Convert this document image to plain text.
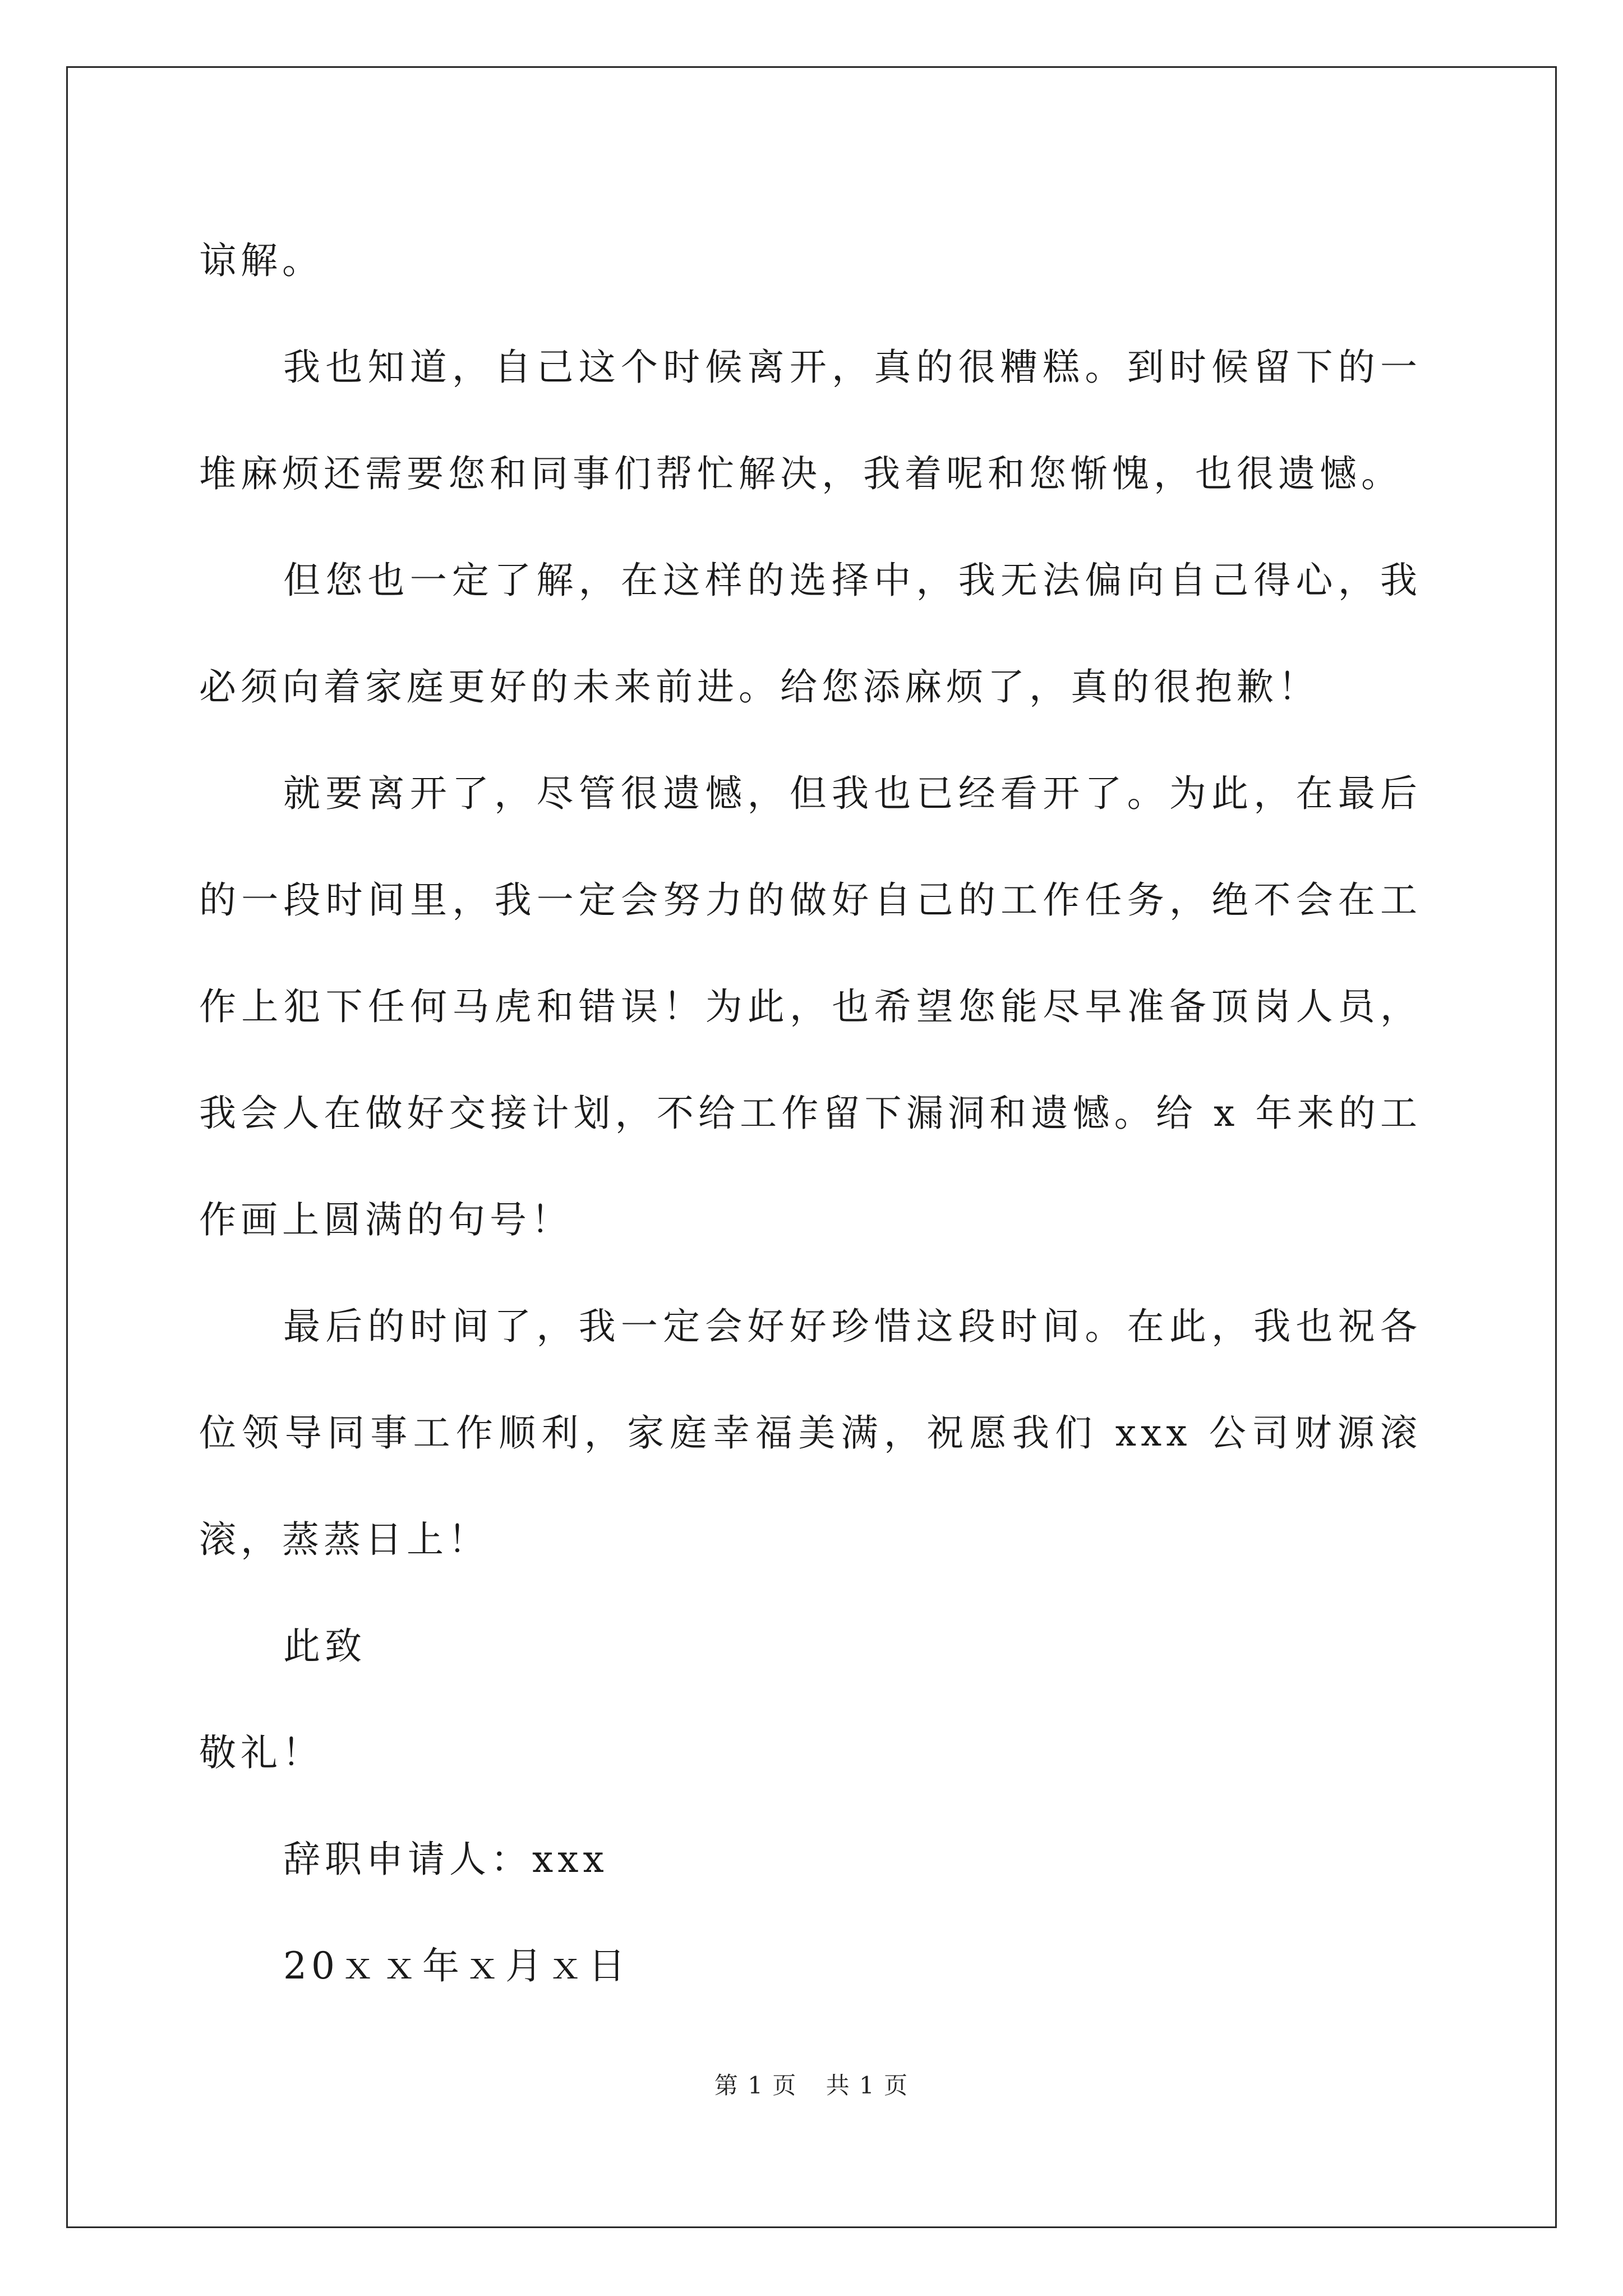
谅解。

我也知道，自己这个时候离开，真的很糟糕。到时候留下的一堆麻烦还需要您和同事们帮忙解决，我着呢和您惭愧，也很遗憾。

但您也一定了解，在这样的选择中，我无法偏向自己得心，我必须向着家庭更好的未来前进。给您添麻烦了，真的很抱歉！

就要离开了，尽管很遗憾，但我也已经看开了。为此，在最后的一段时间里，我一定会努力的做好自己的工作任务，绝不会在工作上犯下任何马虎和错误！为此，也希望您能尽早准备顶岗人员，我会人在做好交接计划，不给工作留下漏洞和遗憾。给 x 年来的工作画上圆满的句号！

最后的时间了，我一定会好好珍惜这段时间。在此，我也祝各位领导同事工作顺利，家庭幸福美满，祝愿我们 xxx 公司财源滚滚，蒸蒸日上！

此致

敬礼！

辞职申请人：xxx

20ｘｘ年ｘ月ｘ日

第 1 页 共 1 页
